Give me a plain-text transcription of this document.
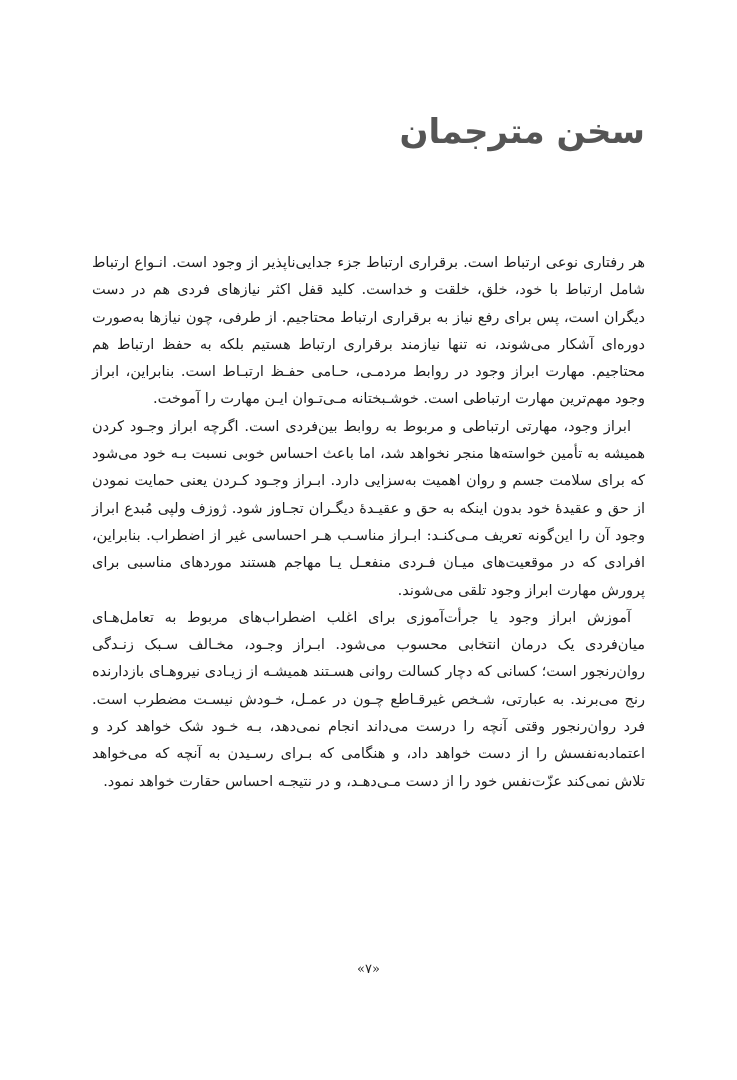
سخن مترجمان

هر رفتاری نوعی ارتباط است. برقراری ارتباط جزء جدایی‌ناپذیر از وجود است. انـواع ارتباط شامل ارتباط با خود، خلق، خلقت و خداست. کلید قفل اکثر نیازهای فردی هم در دست دیگران است، پس برای رفع نیاز به برقراری ارتباط محتاجیم. از طرفی، چون نیازها به‌صورت دوره‌ای آشکار می‌شوند، نه تنها نیازمند برقراری ارتباط هستیم بلکه به حفظ ارتباط هم محتاجیم. مهارت ابراز وجود در روابط مردمـی، حـامی حفـظ ارتبـاط است. بنابراین، ابراز وجود مهم‌ترین مهارت ارتباطی است. خوشـبختانه مـی‌تـوان ایـن مهارت را آموخت.

ابراز وجود، مهارتی ارتباطی و مربوط به روابط بین‌فردی است. اگرچه ابراز وجـود کردن همیشه به تأمین خواسته‌ها منجر نخواهد شد، اما باعث احساس خوبی نسبت بـه خود می‌شود که برای سلامت جسم و روان اهمیت به‌سزایی دارد. ابـراز وجـود کـردن یعنی حمایت نمودن از حق و عقیدهٔ خود بدون اینکه به حق و عقیـدهٔ دیگـران تجـاوز شود. ژوزف ولپی مُبدع ابراز وجود آن را این‌گونه تعریف مـی‌کنـد: ابـراز مناسـب هـر احساسی غیر از اضطراب. بنابراین، افرادی که در موقعیت‌های میـان فـردی منفعـل یـا مهاجم هستند موردهای مناسبی برای پرورش مهارت ابراز وجود تلقی می‌شوند.

آموزش ابراز وجود یا جرأت‌آموزی برای اغلب اضطراب‌های مربوط به تعامل‌هـای میان‌فردی یک درمان انتخابی محسوب می‌شود. ابـراز وجـود، مخـالف سـبک زنـدگی روان‌رنجور است؛ کسانی که دچار کسالت روانی هسـتند همیشـه از زیـادی نیروهـای بازدارنده رنج می‌برند. به عبارتی، شـخص غیرقـاطع چـون در عمـل، خـودش نیسـت مضطرب است. فرد روان‌رنجور وقتی آنچه را درست می‌داند انجام نمی‌دهد، بـه خـود شک خواهد کرد و اعتمادبه‌نفسش را از دست خواهد داد، و هنگامی که بـرای رسـیدن به آنچه که می‌خواهد تلاش نمی‌کند عزّت‌نفس خود را از دست مـی‌دهـد، و در نتیجـه احساس حقارت خواهد نمود.

«۷»
